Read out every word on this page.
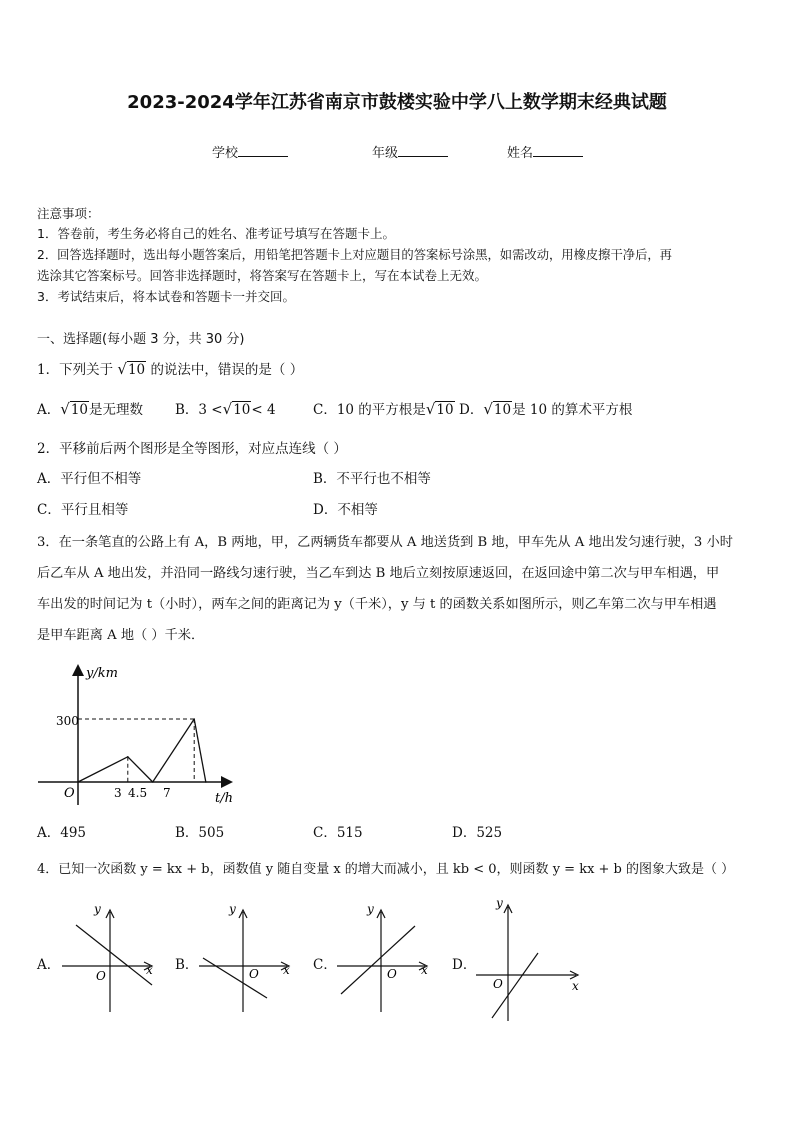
2023-2024学年江苏省南京市鼓楼实验中学八上数学期末经典试题
学校	年级	姓名
注意事项：
1．答卷前，考生务必将自己的姓名、准考证号填写在答题卡上。
2．回答选择题时，选出每小题答案后，用铅笔把答题卡上对应题目的答案标号涂黑，如需改动，用橡皮擦干净后，再
选涂其它答案标号。回答非选择题时，将答案写在答题卡上，写在本试卷上无效。
3．考试结束后，将本试卷和答题卡一并交回。
一、选择题(每小题 3 分，共 30 分)
1．下列关于 √10 的说法中，错误的是（ ）
A．√10是无理数 B．3 <√10< 4	C．10 的平方根是√10 D．√10是 10 的算术平方根
2．平移前后两个图形是全等图形，对应点连线（ ）
A．平行但不相等	B．不平行也不相等
C．平行且相等	D．不相等
3．在一条笔直的公路上有 A，B 两地，甲，乙两辆货车都要从 A 地送货到 B 地，甲车先从 A 地出发匀速行驶，3 小时
后乙车从 A 地出发，并沿同一路线匀速行驶，当乙车到达 B 地后立刻按原速返回，在返回途中第二次与甲车相遇，甲
车出发的时间记为 t（小时），两车之间的距离记为 y（千米），y 与 t 的函数关系如图所示，则乙车第二次与甲车相遇
是甲车距离 A 地（ ）千米．
y/km
t/h
O
300
3 4.5 7
A．495	B．505	C．515	D．525
4．已知一次函数 y = kx + b，函数值 y 随自变量 x 的增大而减小，且 kb < 0，则函数 y = kx + b 的图象大致是（ ）
A．
y
x
O
B．
y
x
O
C．
y
x
O
D．
y
x
O
